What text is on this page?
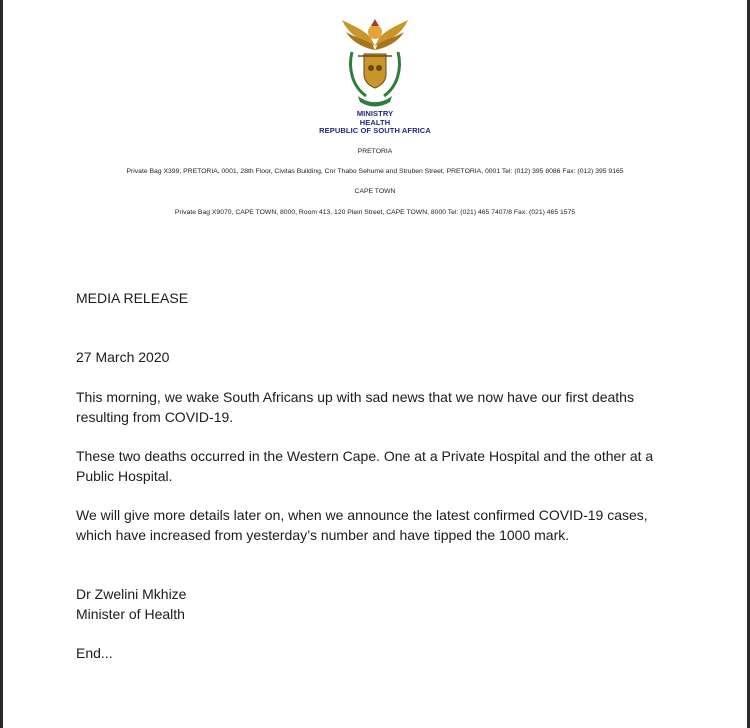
MINISTRY
HEALTH
REPUBLIC OF SOUTH AFRICA
PRETORIA
Private Bag X399, PRETORIA, 0001, 28th Floor, Civitas Building, Cnr Thabo Sehume and Struben Street, PRETORIA, 0001 Tel: (012) 395 8086 Fax: (012) 395 9165
CAPE TOWN
Private Bag X9070, CAPE TOWN, 8000, Room 413, 120 Plein Street, CAPE TOWN, 8000 Tel: (021) 465 7407/8 Fax: (021) 465 1575
MEDIA RELEASE
27 March 2020
This morning, we wake South Africans up with sad news that we now have our first deaths resulting from COVID-19.
These two deaths occurred in the Western Cape. One at a Private Hospital and the other at a Public Hospital.
We will give more details later on, when we announce the latest confirmed COVID-19 cases, which have increased from yesterday’s number and have tipped the 1000 mark.
Dr Zwelini Mkhize
Minister of Health
End...
